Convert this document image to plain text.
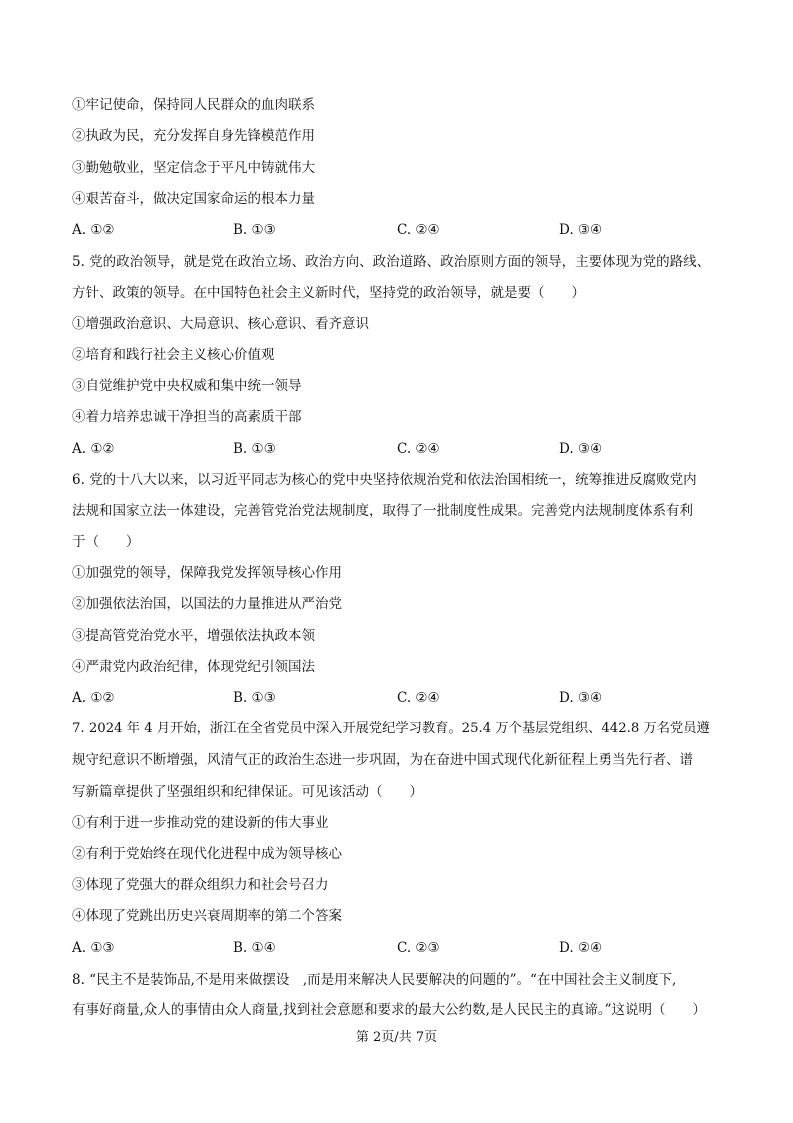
①牢记使命，保持同人民群众的血肉联系
②执政为民，充分发挥自身先锋模范作用
③勤勉敬业，坚定信念于平凡中铸就伟大
④艰苦奋斗，做决定国家命运的根本力量
A. ①②	B. ①③	C. ②④	D. ③④
5. 党的政治领导，就是党在政治立场、政治方向、政治道路、政治原则方面的领导，主要体现为党的路线、
方针、政策的领导。在中国特色社会主义新时代，坚持党的政治领导，就是要（　　）
①增强政治意识、大局意识、核心意识、看齐意识
②培育和践行社会主义核心价值观
③自觉维护党中央权威和集中统一领导
④着力培养忠诚干净担当的高素质干部
A. ①②	B. ①③	C. ②④	D. ③④
6. 党的十八大以来，以习近平同志为核心的党中央坚持依规治党和依法治国相统一，统筹推进反腐败党内
法规和国家立法一体建设，完善管党治党法规制度，取得了一批制度性成果。完善党内法规制度体系有利
于（　　）
①加强党的领导，保障我党发挥领导核心作用
②加强依法治国，以国法的力量推进从严治党
③提高管党治党水平，增强依法执政本领
④严肃党内政治纪律，体现党纪引领国法
A. ①②	B. ①③	C. ②④	D. ③④
7. 2024 年 4 月开始，浙江在全省党员中深入开展党纪学习教育。25.4 万个基层党组织、442.8 万名党员遵
规守纪意识不断增强，风清气正的政治生态进一步巩固，为在奋进中国式现代化新征程上勇当先行者、谱
写新篇章提供了坚强组织和纪律保证。可见该活动（　　）
①有利于进一步推动党的建设新的伟大事业
②有利于党始终在现代化进程中成为领导核心
③体现了党强大的群众组织力和社会号召力
④体现了党跳出历史兴衰周期率的第二个答案
A. ①③	B. ①④	C. ②③	D. ②④
8. “民主不是装饰品,不是用来做摆设　,而是用来解决人民要解决的问题的”。“在中国社会主义制度下,
有事好商量,众人的事情由众人商量,找到社会意愿和要求的最大公约数,是人民民主的真谛。”这说明（　　）
第 2页/共 7页
